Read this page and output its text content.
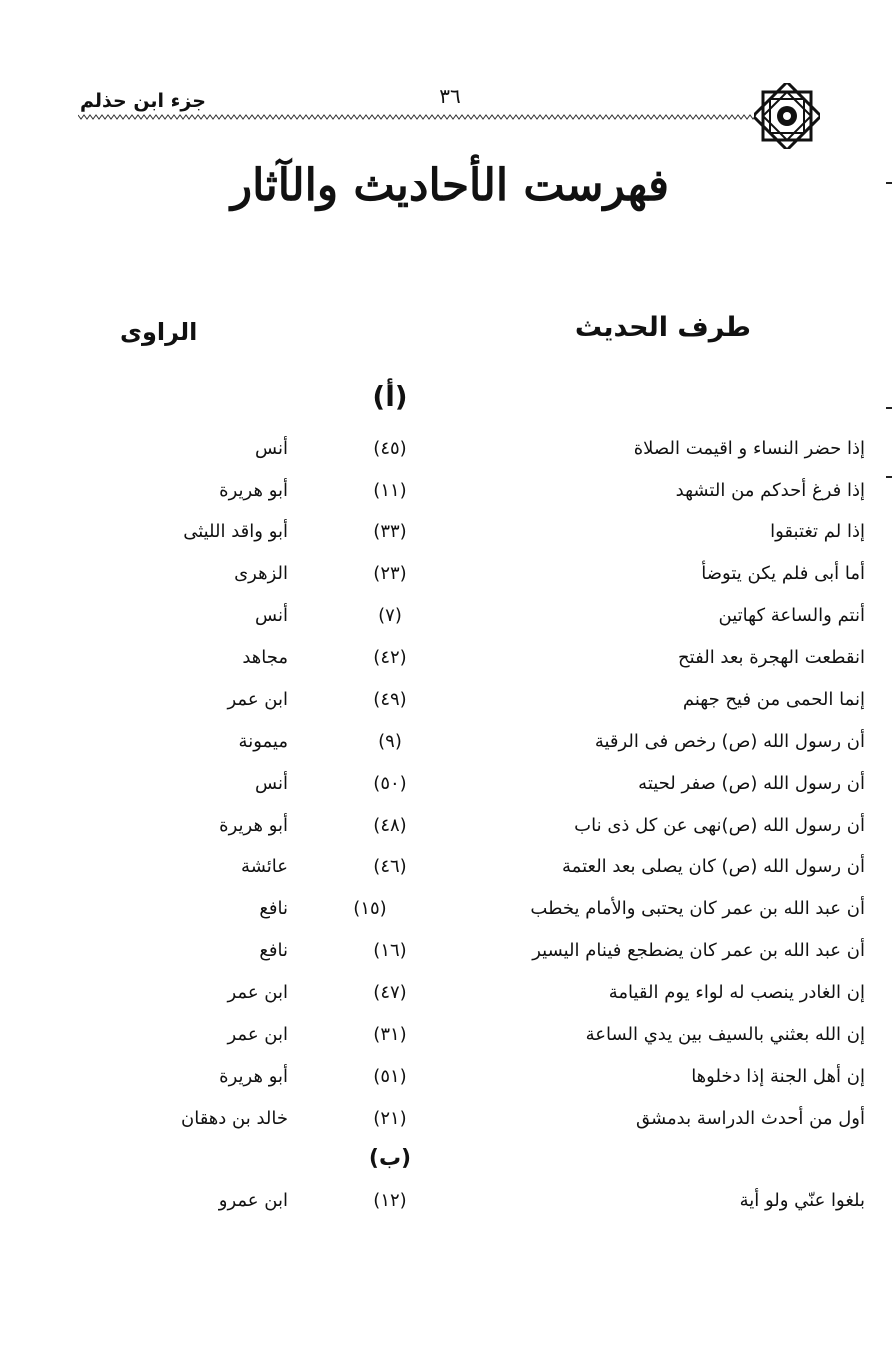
جزء ابن حذلم	٣٦
فهرست الأحاديث والآثار
طرف الحديث
الراوى
(أ)
إذا حضر النساء و اقيمت الصلاة
(٤٥)
أنس
إذا فرغ أحدكم من التشهد
(١١)
أبو هريرة
إذا لم تغتبقوا
(٣٣)
أبو واقد الليثى
أما أبى فلم يكن يتوضأ
(٢٣)
الزهرى
أنتم والساعة كهاتين
(٧)
أنس
انقطعت الهجرة بعد الفتح
(٤٢)
مجاهد
إنما الحمى من فيح جهنم
(٤٩)
ابن عمر
أن رسول الله (ص) رخص فى الرقية
(٩)
ميمونة
أن رسول الله (ص) صفر لحيته
(٥٠)
أنس
أن رسول الله (ص)نهى عن كل ذى ناب
(٤٨)
أبو هريرة
أن رسول الله (ص) كان يصلى بعد العتمة
(٤٦)
عائشة
أن عبد الله بن عمر كان يحتبى والأمام يخطب
(١٥)
نافع
أن عبد الله بن عمر كان يضطجع فينام اليسير
(١٦)
نافع
إن الغادر ينصب له لواء يوم القيامة
(٤٧)
ابن عمر
إن الله بعثني بالسيف بين يدي الساعة
(٣١)
ابن عمر
إن أهل الجنة إذا دخلوها
(٥١)
أبو هريرة
أول من أحدث الدراسة بدمشق
(٢١)
خالد بن دهقان
(ب)
بلغوا عنّي ولو أية
(١٢)
ابن عمرو
